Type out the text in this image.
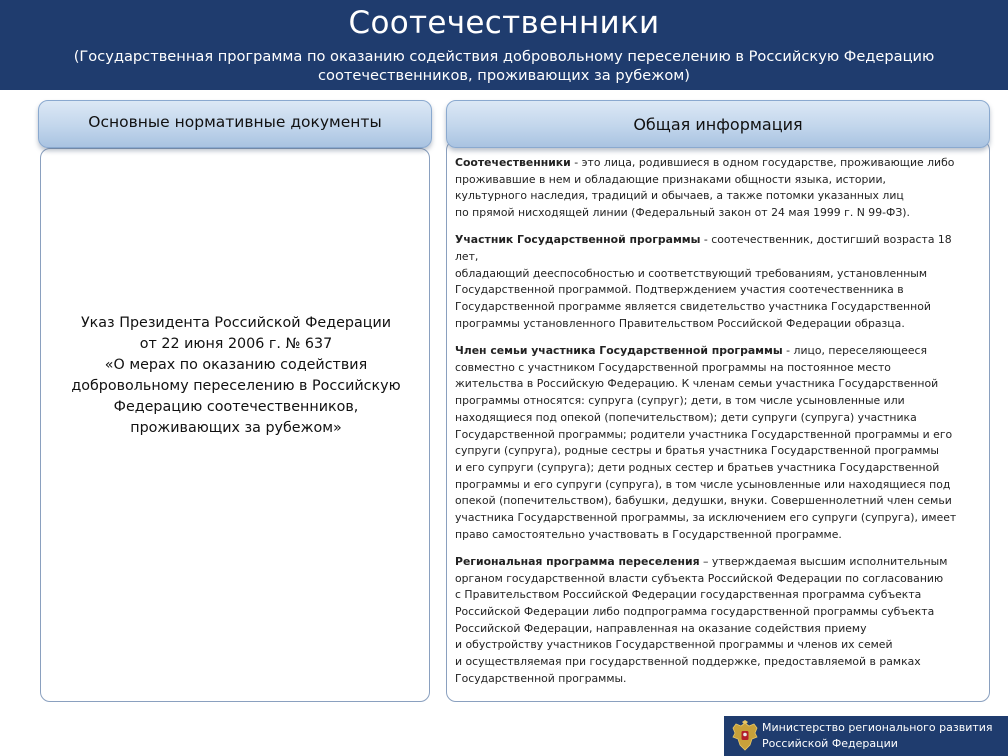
Соотечественники
(Государственная программа по оказанию содействия добровольному переселению в Российскую Федерацию
соотечественников, проживающих за рубежом)
Указ Президента Российской Федерации
от 22 июня 2006 г. № 637
«О мерах по оказанию содействия
добровольному переселению в Российскую
Федерацию соотечественников,
проживающих за рубежом»
Основные нормативные документы
Соотечественники - это лица, родившиеся в одном государстве, проживающие либо
проживавшие в нем и обладающие признаками общности языка, истории,
культурного наследия, традиций и обычаев, а также потомки указанных лиц
по прямой нисходящей линии (Федеральный закон от 24 мая 1999 г. N 99-ФЗ).
Участник Государственной программы - соотечественник, достигший возраста 18 лет,
обладающий дееспособностью и соответствующий требованиям, установленным
Государственной программой. Подтверждением участия соотечественника в
Государственной программе является свидетельство участника Государственной
программы установленного Правительством Российской Федерации образца.
Член семьи участника Государственной программы - лицо, переселяющееся
совместно с участником Государственной программы на постоянное место
жительства в Российскую Федерацию. К членам семьи участника Государственной
программы относятся: супруга (супруг); дети, в том числе усыновленные или
находящиеся под опекой (попечительством); дети супруги (супруга) участника
Государственной программы; родители участника Государственной программы и его
супруги (супруга), родные сестры и братья участника Государственной программы
и его супруги (супруга); дети родных сестер и братьев участника Государственной
программы и его супруги (супруга), в том числе усыновленные или находящиеся под
опекой (попечительством), бабушки, дедушки, внуки. Совершеннолетний член семьи
участника Государственной программы, за исключением его супруги (супруга), имеет
право самостоятельно участвовать в Государственной программе.
Региональная программа переселения – утверждаемая высшим исполнительным
органом государственной власти субъекта Российской Федерации по согласованию
с Правительством Российской Федерации государственная программа субъекта
Российской Федерации либо подпрограмма государственной программы субъекта
Российской Федерации, направленная на оказание содействия приему
и обустройству участников Государственной программы и членов их семей
и осуществляемая при государственной поддержке, предоставляемой в рамках
Государственной программы.
Общая информация
Министерство регионального развития
Российской Федерации
